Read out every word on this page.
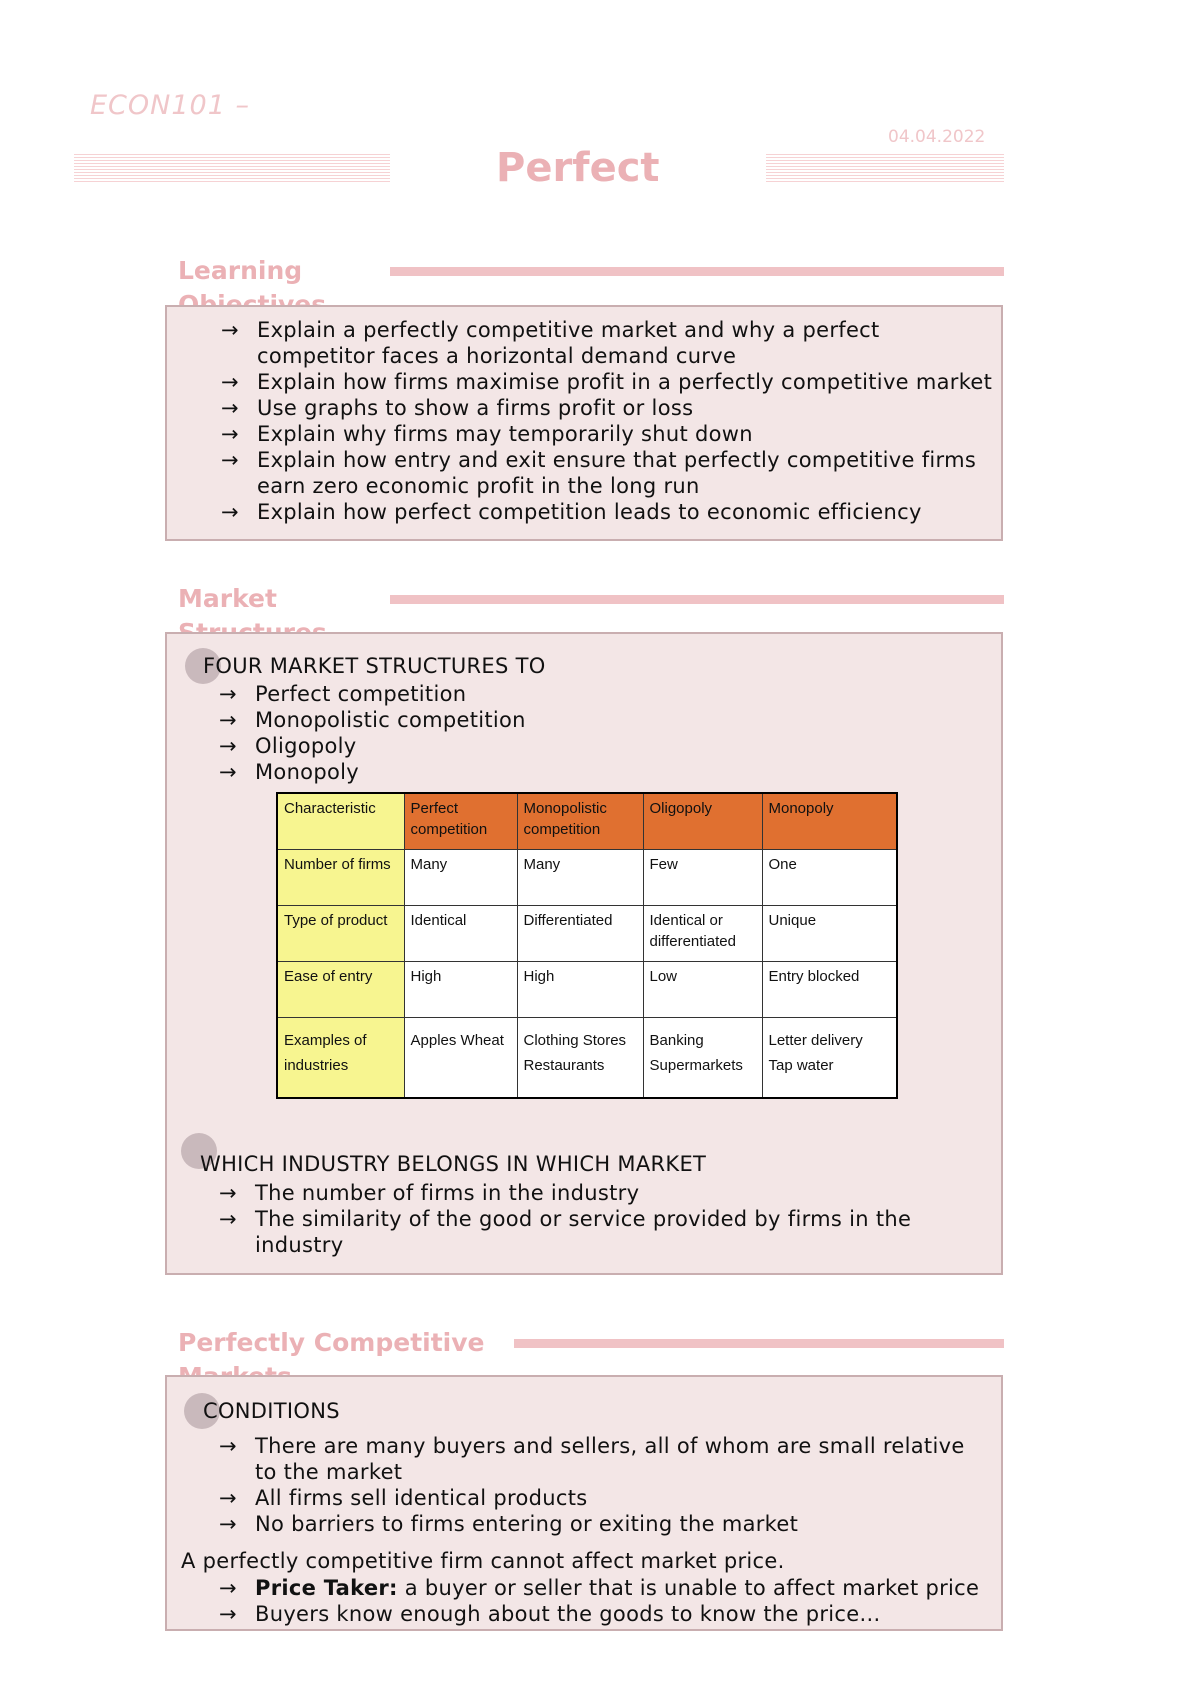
ECON101 –
04.04.2022
Perfect
Learning
→ Explain a perfectly competitive market and why a perfect competitor faces a horizontal demand curve
→ Explain how firms maximise profit in a perfectly competitive market
→ Use graphs to show a firms profit or loss
→ Explain why firms may temporarily shut down
→ Explain how entry and exit ensure that perfectly competitive firms earn zero economic profit in the long run
→ Explain how perfect competition leads to economic efficiency
Market
FOUR MARKET STRUCTURES TO
→ Perfect competition
→ Monopolistic competition
→ Oligopoly
→ Monopoly
Characteristic	Perfect competition	Monopolistic competition	Oligopoly	Monopoly
Number of firms	Many	Many	Few	One
Type of product	Identical	Differentiated	Identical or differentiated	Unique
Ease of entry	High	High	Low	Entry blocked
Examples of industries	Apples Wheat	Clothing Stores Restaurants	Banking Supermarkets	Letter delivery Tap water
WHICH INDUSTRY BELONGS IN WHICH MARKET
→ The number of firms in the industry
→ The similarity of the good or service provided by firms in the industry
Perfectly Competitive
CONDITIONS
→ There are many buyers and sellers, all of whom are small relative to the market
→ All firms sell identical products
→ No barriers to firms entering or exiting the market
A perfectly competitive firm cannot affect market price.
→ Price Taker: a buyer or seller that is unable to affect market price
→ Buyers know enough about the goods to know the price...
